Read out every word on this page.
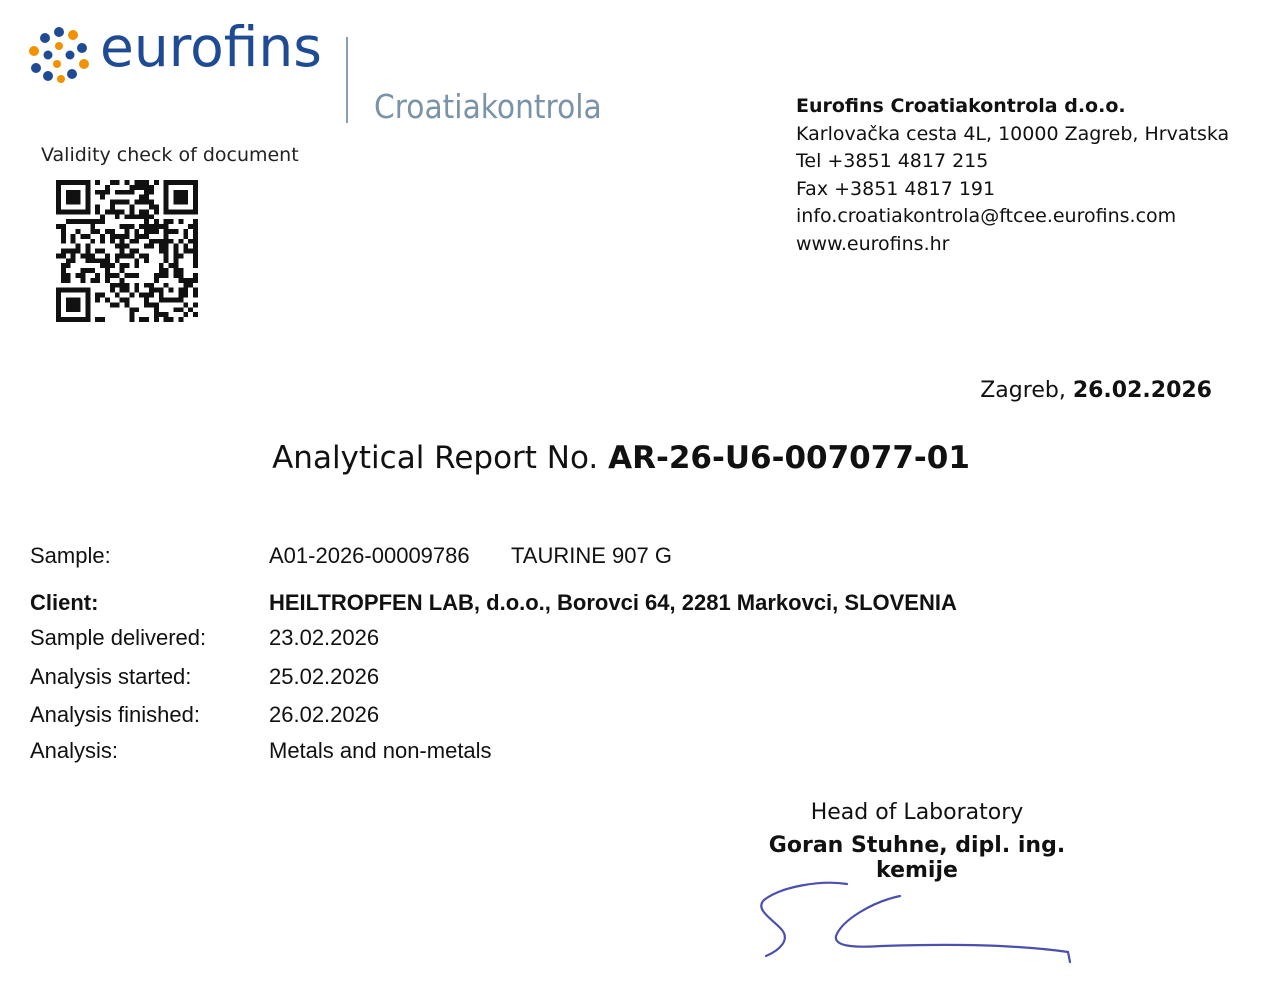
eurofins
Croatiakontrola
Validity check of document
Eurofins Croatiakontrola d.o.o.
Karlovačka cesta 4L, 10000 Zagreb, Hrvatska
Tel +3851 4817 215
Fax +3851 4817 191
info.croatiakontrola@ftcee.eurofins.com
www.eurofins.hr
Zagreb, 26.02.2026
Analytical Report No. AR-26-U6-007077-01
Sample:	A01-2026-00009786 TAURINE 907 G
Client:	HEILTROPFEN LAB, d.o.o., Borovci 64, 2281 Markovci, SLOVENIA
Sample delivered:	23.02.2026
Analysis started:	25.02.2026
Analysis finished:	26.02.2026
Analysis:	Metals and non-metals
Head of Laboratory
Goran Stuhne, dipl. ing. kemije
